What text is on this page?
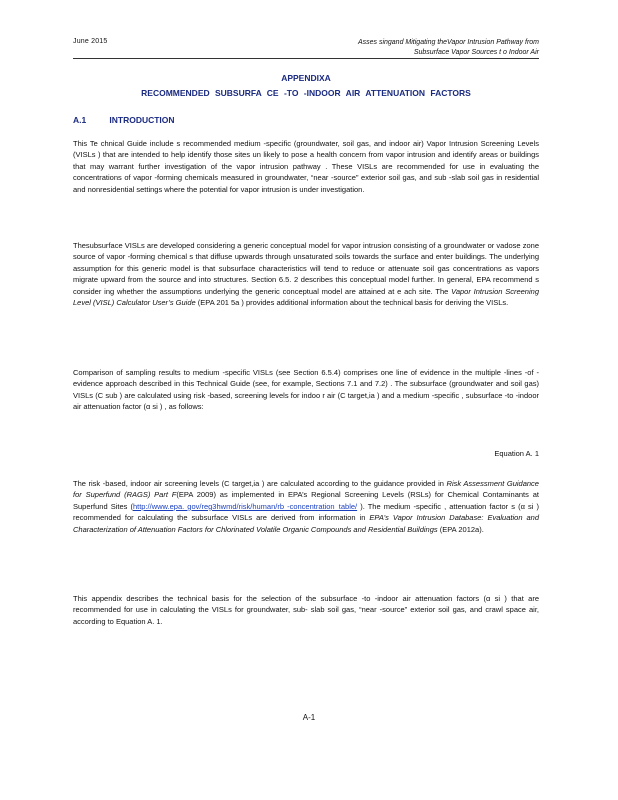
June 2015	Asses singand Mitigating theVapor Intrusion Pathway from
Subsurface Vapor Sources t o Indoor Air
APPENDIXA
RECOMMENDED SUBSURFA CE -TO -INDOOR AIR ATTENUATION FACTORS
A.1	INTRODUCTION

This Te chnical Guide include s recommended medium -specific (groundwater, soil gas, and indoor air) Vapor Intrusion Screening Levels (VISLs ) that are intended to help identify those sites un likely to pose a health concern from vapor intrusion and identify areas or buildings that may warrant further investigation of the vapor intrusion pathway . These VISLs are recommended for use in evaluating the concentrations of vapor -forming chemicals measured in groundwater, “near -source” exterior soil gas, and sub -slab soil gas in residential and nonresidential settings where the potential for vapor intrusion is under investigation.

Thesubsurface VISLs are developed considering a generic conceptual model for vapor intrusion consisting of a groundwater or vadose zone source of vapor -forming chemical s that diffuse upwards through unsaturated soils towards the surface and enter buildings. The underlying assumption for this generic model is that subsurface characteristics will tend to reduce or attenuate soil gas concentrations as vapors migrate upward from the source and into structures. Section 6.5. 2 describes this conceptual model further. In general, EPA recommend s consider ing whether the assumptions underlying the generic conceptual model are attained at e ach site. The Vapor Intrusion Screening Level (VISL) Calculator User’s Guide (EPA 201 5a ) provides additional information about the technical basis for deriving the VISLs.

Comparison of sampling results to medium -specific VISLs (see Section 6.5.4) comprises one line of evidence in the multiple -lines -of -evidence approach described in this Technical Guide (see, for example, Sections 7.1 and 7.2) . The subsurface (groundwater and soil gas) VISLs (C sub ) are calculated using risk -based, screening levels for indoo r air (C target,ia ) and a medium -specific , subsurface -to -indoor air attenuation factor (α si ) , as follows:

Equation A. 1

The risk -based, indoor air screening levels (C target,ia ) are calculated according to the guidance provided in Risk Assessment Guidance for Superfund (RAGS) Part F(EPA 2009) as implemented in EPA’s Regional Screening Levels (RSLs) for Chemical Contaminants at Superfund Sites (http://www.epa. gov/reg3hwmd/risk/human/rb -concentration_table/ ). The medium -specific , attenuation factor s (α si ) recommended for calculating the subsurface VISLs are derived from information in EPA’s Vapor Intrusion Database: Evaluation and Characterization of Attenuation Factors for Chlorinated Volatile Organic Compounds and Residential Buildings (EPA 2012a).

This appendix describes the technical basis for the selection of the subsurface -to -indoor air attenuation factors (α si ) that are recommended for use in calculating the VISLs for groundwater, sub- slab soil gas, “near -source” exterior soil gas, and crawl space air, according to Equation A. 1.

A-1
